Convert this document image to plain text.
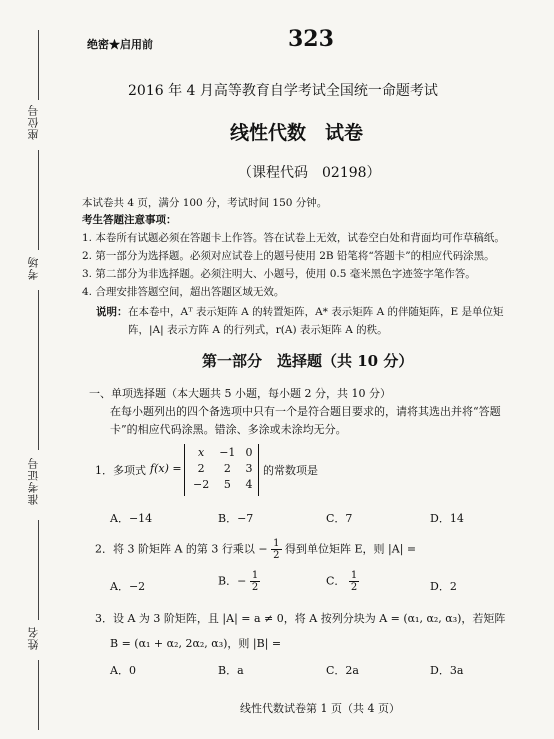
座位号
考场
准考证号
姓名
绝密★启用前	323
2016 年 4 月高等教育自学考试全国统一命题考试
线性代数　试卷
（课程代码　02198）
本试卷共 4 页，满分 100 分，考试时间 150 分钟。
考生答题注意事项：
1. 本卷所有试题必须在答题卡上作答。答在试卷上无效，试卷空白处和背面均可作草稿纸。
2. 第一部分为选择题。必须对应试卷上的题号使用 2B 铅笔将“答题卡”的相应代码涂黑。
3. 第二部分为非选择题。必须注明大、小题号，使用 0.5 毫米黑色字迹签字笔作答。
4. 合理安排答题空间，超出答题区域无效。
说明： 在本卷中，Aᵀ 表示矩阵 A 的转置矩阵，A* 表示矩阵 A 的伴随矩阵，E 是单位矩
阵，|A| 表示方阵 A 的行列式，r(A) 表示矩阵 A 的秩。
第一部分　选择题（共 10 分）
一、单项选择题（本大题共 5 小题，每小题 2 分，共 10 分）
在每小题列出的四个备选项中只有一个是符合题目要求的，请将其选出并将“答题
卡”的相应代码涂黑。错涂、多涂或未涂均无分。
1．多项式 f(x) =
x	−1	0
2	2	3
−2	5	4
的常数项是
A．−14	B．−7	C．7	D．14
2．将 3 阶矩阵 A 的第 3 行乘以 − $\frac{1}{2}$ 得到单位矩阵 E，则 |A| =
A．−2	B．− $\frac{1}{2}$	C． $\frac{1}{2}$	D．2
3．设 A 为 3 阶矩阵，且 |A| = a ≠ 0，将 A 按列分块为 A = (α₁, α₂, α₃)，若矩阵
B = (α₁ + α₂, 2α₂, α₃)，则 |B| =
A．0	B．a	C．2a	D．3a
线性代数试卷第 1 页（共 4 页）
